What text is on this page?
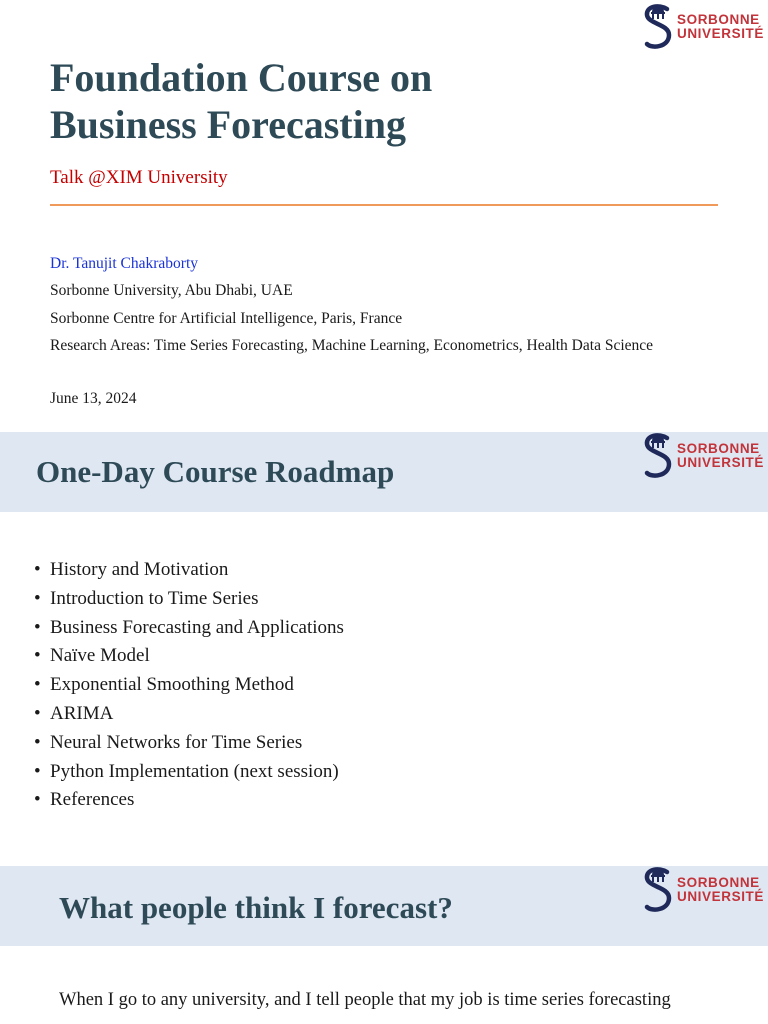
SORBONNE
UNIVERSITÉ
Foundation Course on
Business Forecasting
Talk @XIM University
Dr. Tanujit Chakraborty
Sorbonne University, Abu Dhabi, UAE
Sorbonne Centre for Artificial Intelligence, Paris, France
Research Areas: Time Series Forecasting, Machine Learning, Econometrics, Health Data Science
June 13, 2024
One-Day Course Roadmap
SORBONNE
UNIVERSITÉ
• History and Motivation
• Introduction to Time Series
• Business Forecasting and Applications
• Naïve Model
• Exponential Smoothing Method
• ARIMA
• Neural Networks for Time Series
• Python Implementation (next session)
• References
What people think I forecast?
SORBONNE
UNIVERSITÉ
When I go to any university, and I tell people that my job is time series forecasting
